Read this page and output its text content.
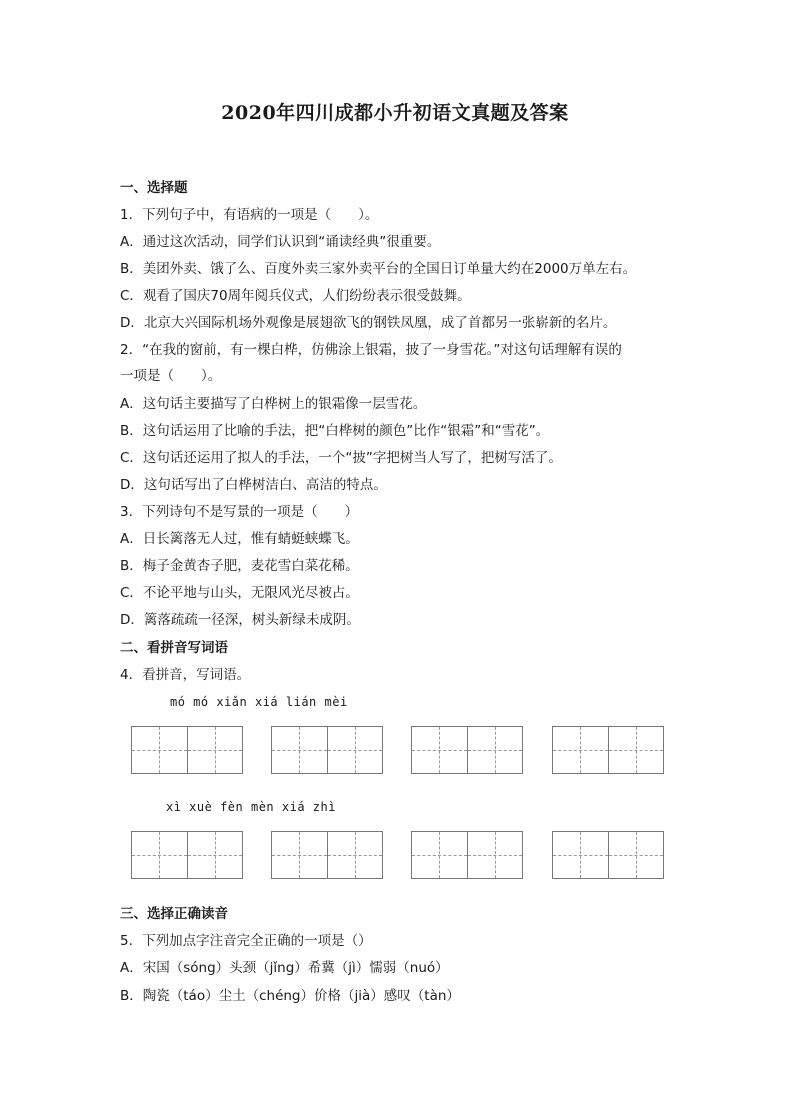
2020年四川成都小升初语文真题及答案
一、选择题
1．下列句子中，有语病的一项是（　　）。
A．通过这次活动，同学们认识到“诵读经典”很重要。
B．美团外卖、饿了么、百度外卖三家外卖平台的全国日订单量大约在2000万单左右。
C．观看了国庆70周年阅兵仪式，人们纷纷表示很受鼓舞。
D．北京大兴国际机场外观像是展翅欲飞的钢铁凤凰，成了首都另一张崭新的名片。
2．“在我的窗前，有一棵白桦，仿佛涂上银霜，披了一身雪花。”对这句话理解有误的
一项是（　　）。
A．这句话主要描写了白桦树上的银霜像一层雪花。
B．这句话运用了比喻的手法，把“白桦树的颜色”比作“银霜”和“雪花”。
C．这句话还运用了拟人的手法，一个“披”字把树当人写了，把树写活了。
D．这句话写出了白桦树洁白、高洁的特点。
3．下列诗句不是写景的一项是（　　）
A．日长篱落无人过，惟有蜻蜓蛱蝶飞。
B．梅子金黄杏子肥，麦花雪白菜花稀。
C．不论平地与山头，无限风光尽被占。
D．篱落疏疏一径深，树头新绿未成阴。
二、看拼音写词语
4．看拼音，写词语。
mó mó xiǎn xiá lián mèi
xì xuè fèn mèn xiá zhì
三、选择正确读音
5．下列加点字注音完全正确的一项是（）
A．宋国（sóng）头颈（jǐng）希冀（jì）懦弱（nuó）
B．陶瓷（táo）尘土（chéng）价格（jià）感叹（tàn）
